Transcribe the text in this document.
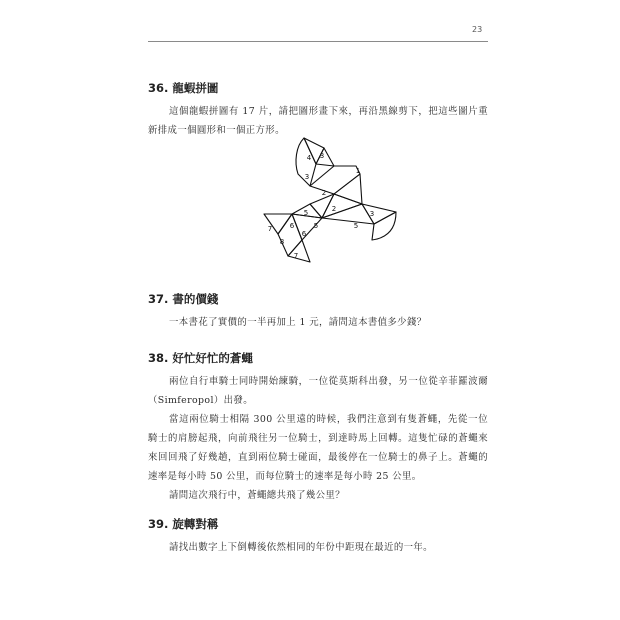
23
36. 龍蝦拼圖

這個龍蝦拼圖有 17 片，請把圖形畫下來，再沿黑線剪下，把這些圖片重新排成一個圓形和一個正方形。

4 3
3
1
2
2
5
5
6	5
3
7
6
8
7
37. 書的價錢

一本書花了實價的一半再加上 1 元，請問這本書值多少錢？

38. 好忙好忙的蒼蠅

兩位自行車騎士同時開始練騎，一位從莫斯科出發，另一位從辛菲羅波爾（Simferopol）出發。

當這兩位騎士相隔 300 公里遠的時候，我們注意到有隻蒼蠅，先從一位騎士的肩膀起飛，向前飛往另一位騎士，到達時馬上回轉。這隻忙碌的蒼蠅來來回回飛了好幾趟，直到兩位騎士碰面，最後停在一位騎士的鼻子上。蒼蠅的速率是每小時 50 公里，而每位騎士的速率是每小時 25 公里。

請問這次飛行中，蒼蠅總共飛了幾公里？

39. 旋轉對稱

請找出數字上下倒轉後依然相同的年份中距現在最近的一年。
